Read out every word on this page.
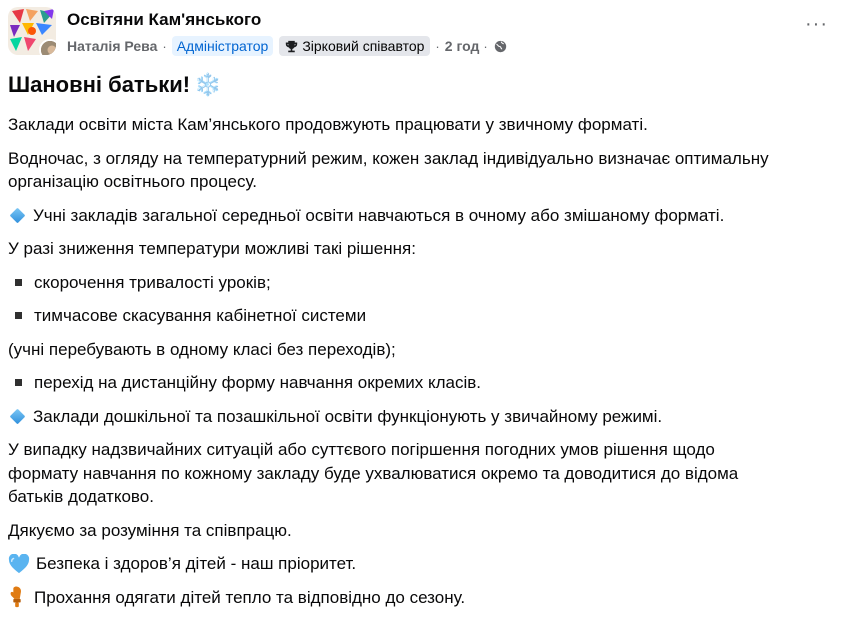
Освітяни Кам'янського
Наталія Рева · Адміністратор	Зірковий співавтор · 2 год ·
···
Шановні батьки! ❄️

Заклади освіти міста Кам’янського продовжують працювати у звичному форматі.

Водночас, з огляду на температурний режим, кожен заклад індивідуально визначає оптимальну
організацію освітнього процесу.

Учні закладів загальної середньої освіти навчаються в очному або змішаному форматі.

У разі зниження температури можливі такі рішення:

скорочення тривалості уроків;

тимчасове скасування кабінетної системи

(учні перебувають в одному класі без переходів);

перехід на дистанційну форму навчання окремих класів.

Заклади дошкільної та позашкільної освіти функціонують у звичайному режимі.

У випадку надзвичайних ситуацій або суттєвого погіршення погодних умов рішення щодо
формату навчання по кожному закладу буде ухвалюватися окремо та доводитися до відома
батьків додатково.

Дякуємо за розуміння та співпрацю.

Безпека і здоров’я дітей - наш пріоритет.

Прохання одягати дітей тепло та відповідно до сезону.
